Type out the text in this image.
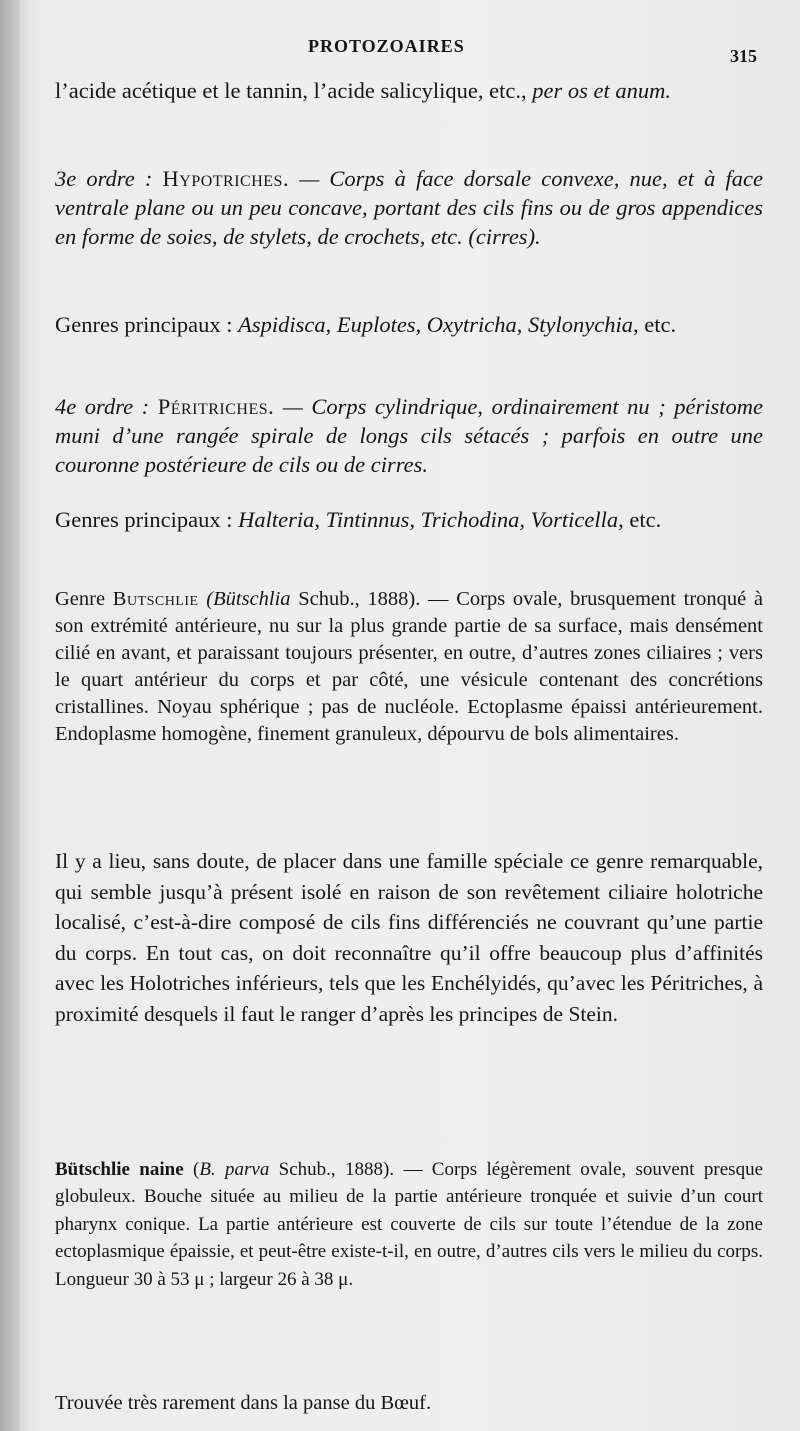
PROTOZOAIRES	315
l’acide acétique et le tannin, l’acide salicylique, etc., per os et anum.
3e ordre : Hypotriches. — Corps à face dorsale convexe, nue, et à face ventrale plane ou un peu concave, portant des cils fins ou de gros appendices en forme de soies, de stylets, de crochets, etc. (cirres).
Genres principaux : Aspidisca, Euplotes, Oxytricha, Stylonychia, etc.
4e ordre : Péritriches. — Corps cylindrique, ordinairement nu ; péristome muni d’une rangée spirale de longs cils sétacés ; parfois en outre une couronne postérieure de cils ou de cirres.
Genres principaux : Halteria, Tintinnus, Trichodina, Vorticella, etc.
Genre Butschlie (Bütschlia Schub., 1888). — Corps ovale, brusquement tronqué à son extrémité antérieure, nu sur la plus grande partie de sa surface, mais densément cilié en avant, et paraissant toujours présenter, en outre, d’autres zones ciliaires ; vers le quart antérieur du corps et par côté, une vésicule contenant des concrétions cristallines. Noyau sphérique ; pas de nucléole. Ectoplasme épaissi antérieurement. Endoplasme homogène, finement granuleux, dépourvu de bols alimentaires.
Il y a lieu, sans doute, de placer dans une famille spéciale ce genre remarquable, qui semble jusqu’à présent isolé en raison de son revêtement ciliaire holotriche localisé, c’est-à-dire composé de cils fins différenciés ne couvrant qu’une partie du corps. En tout cas, on doit reconnaître qu’il offre beaucoup plus d’affinités avec les Holotriches inférieurs, tels que les Enchélyidés, qu’avec les Péritriches, à proximité desquels il faut le ranger d’après les principes de Stein.
Bütschlie naine (B. parva Schub., 1888). — Corps légèrement ovale, souvent presque globuleux. Bouche située au milieu de la partie antérieure tronquée et suivie d’un court pharynx conique. La partie antérieure est couverte de cils sur toute l’étendue de la zone ectoplasmique épaissie, et peut-être existe-t-il, en outre, d’autres cils vers le milieu du corps. Longueur 30 à 53 μ ; largeur 26 à 38 μ.
Trouvée très rarement dans la panse du Bœuf.
